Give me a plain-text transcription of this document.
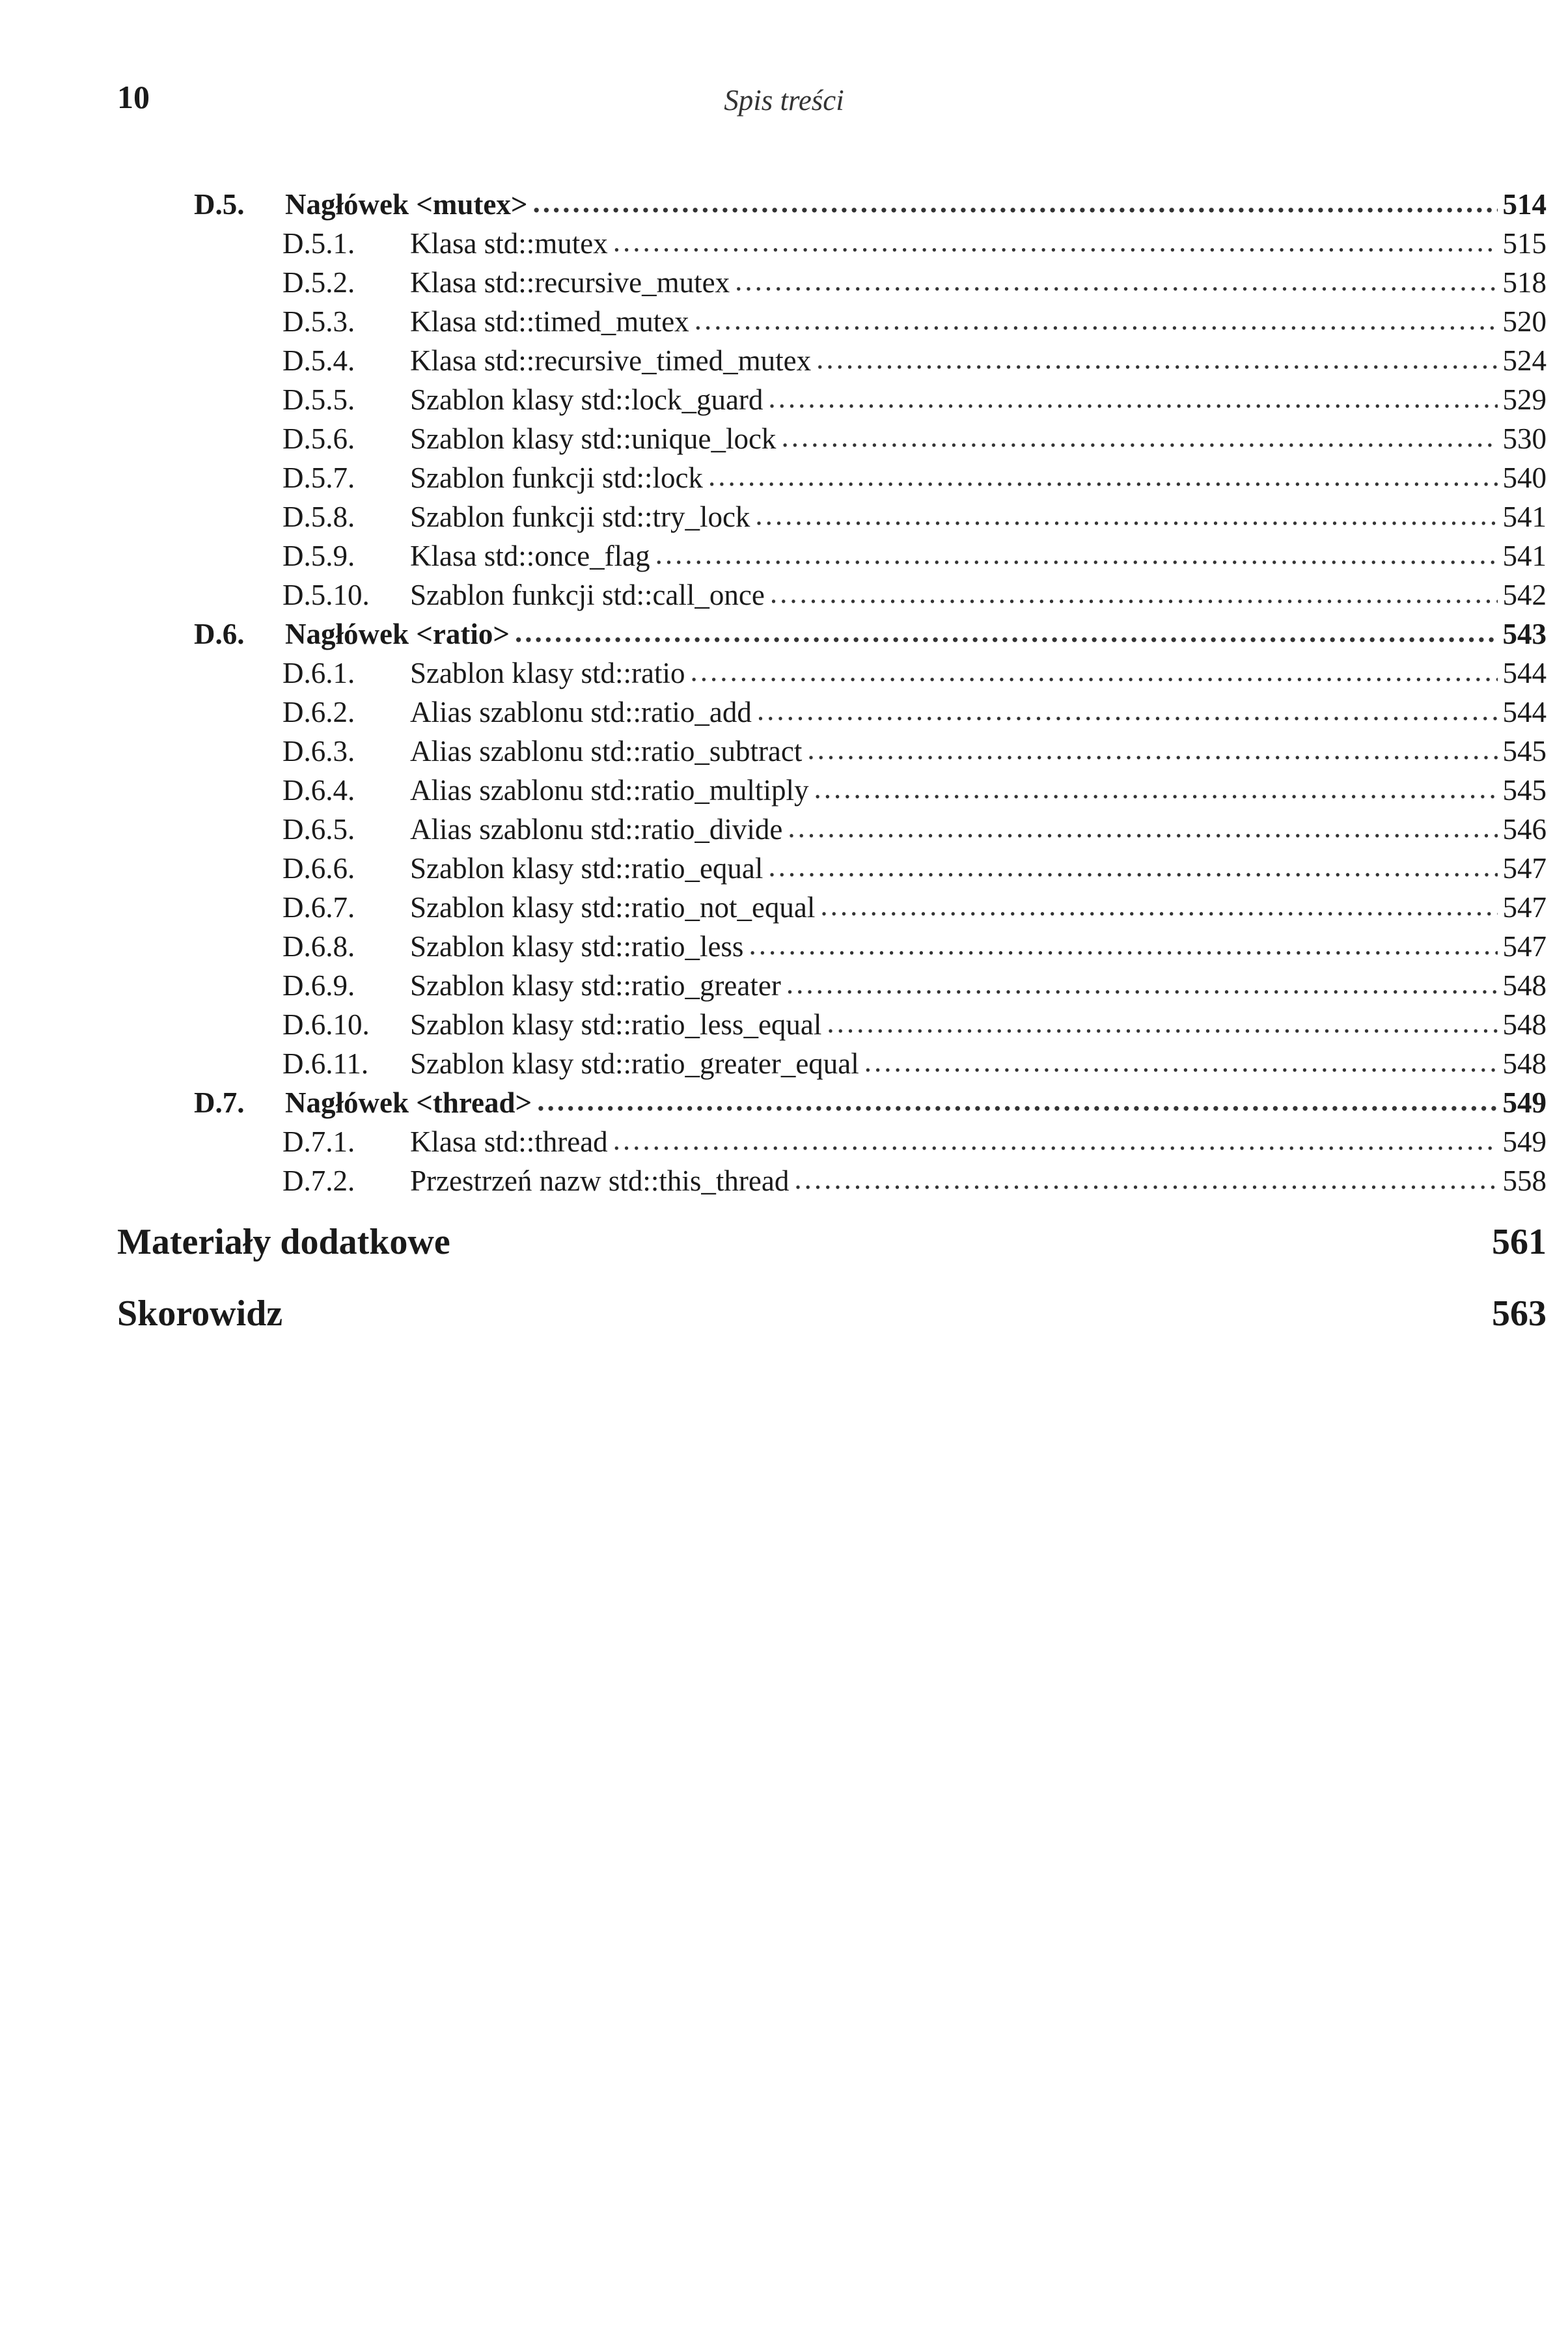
10	Spis treści
D.5.	Nagłówek <mutex> .....	514
D.5.1.	Klasa std::mutex .....	515
D.5.2.	Klasa std::recursive_mutex .....	518
D.5.3.	Klasa std::timed_mutex .....	520
D.5.4.	Klasa std::recursive_timed_mutex .....	524
D.5.5.	Szablon klasy std::lock_guard .....	529
D.5.6.	Szablon klasy std::unique_lock .....	530
D.5.7.	Szablon funkcji std::lock .....	540
D.5.8.	Szablon funkcji std::try_lock .....	541
D.5.9.	Klasa std::once_flag .....	541
D.5.10.	Szablon funkcji std::call_once .....	542
D.6.	Nagłówek <ratio> .....	543
D.6.1.	Szablon klasy std::ratio .....	544
D.6.2.	Alias szablonu std::ratio_add .....	544
D.6.3.	Alias szablonu std::ratio_subtract .....	545
D.6.4.	Alias szablonu std::ratio_multiply .....	545
D.6.5.	Alias szablonu std::ratio_divide .....	546
D.6.6.	Szablon klasy std::ratio_equal .....	547
D.6.7.	Szablon klasy std::ratio_not_equal .....	547
D.6.8.	Szablon klasy std::ratio_less .....	547
D.6.9.	Szablon klasy std::ratio_greater .....	548
D.6.10.	Szablon klasy std::ratio_less_equal .....	548
D.6.11.	Szablon klasy std::ratio_greater_equal .....	548
D.7.	Nagłówek <thread> .....	549
D.7.1.	Klasa std::thread .....	549
D.7.2.	Przestrzeń nazw std::this_thread .....	558
Materiały dodatkowe	561
Skorowidz	563
